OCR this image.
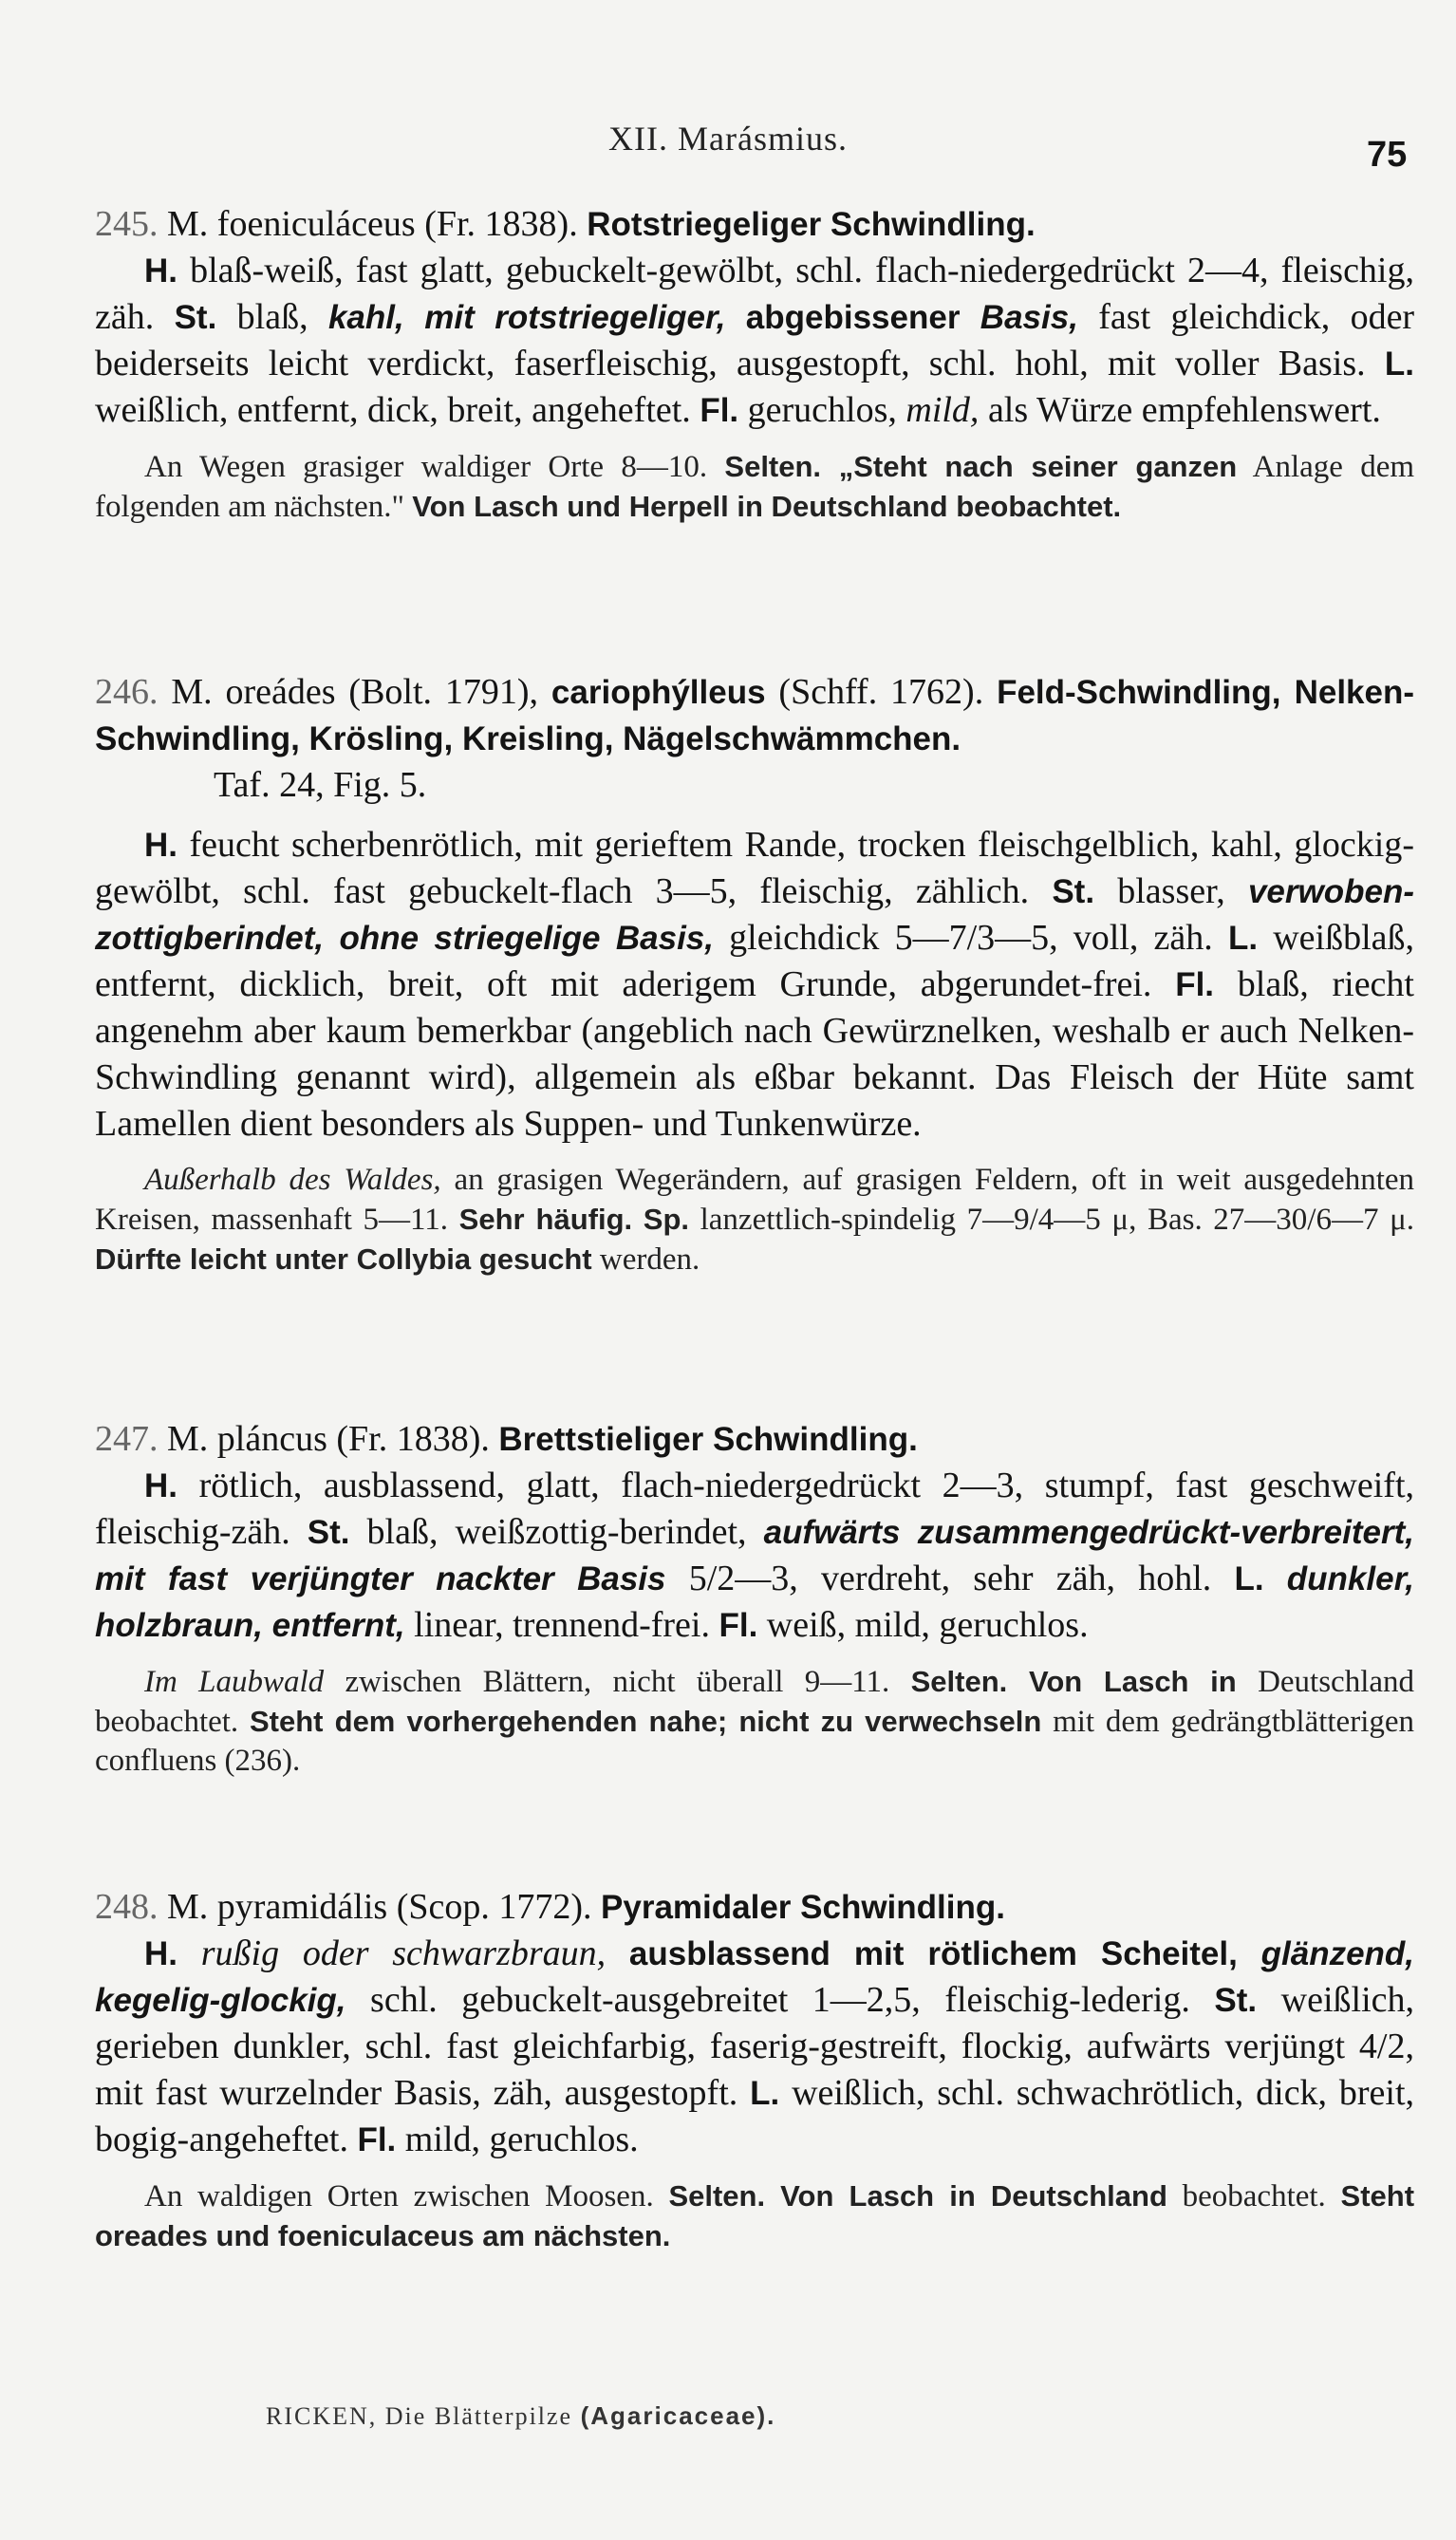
XII. Marásmius.	75

245. M. foeniculáceus (Fr. 1838). Rotstriegeliger Schwindling.

H. blaß-weiß, fast glatt, gebuckelt-gewölbt, schl. flach-niedergedrückt 2—4, fleischig, zäh. St. blaß, kahl, mit rotstriegeliger, abgebissener Basis, fast gleichdick, oder beiderseits leicht verdickt, faserfleischig, ausgestopft, schl. hohl, mit voller Basis. L. weißlich, entfernt, dick, breit, angeheftet. Fl. geruchlos, mild, als Würze empfehlenswert.

An Wegen grasiger waldiger Orte 8—10. Selten. „Steht nach seiner ganzen Anlage dem folgenden am nächsten." Von Lasch und Herpell in Deutschland beobachtet.

246. M. oreádes (Bolt. 1791), cariophýlleus (Schff. 1762). Feld-Schwindling, Nelken-Schwindling, Krösling, Kreisling, Nägelschwämmchen.

Taf. 24, Fig. 5.

H. feucht scherbenrötlich, mit gerieftem Rande, trocken fleischgelblich, kahl, glockig-gewölbt, schl. fast gebuckelt-flach 3—5, fleischig, zählich. St. blasser, verwoben-zottigberindet, ohne striegelige Basis, gleichdick 5—7/3—5, voll, zäh. L. weißblaß, entfernt, dicklich, breit, oft mit aderigem Grunde, abgerundet-frei. Fl. blaß, riecht angenehm aber kaum bemerkbar (angeblich nach Gewürznelken, weshalb er auch Nelken-Schwindling genannt wird), allgemein als eßbar bekannt. Das Fleisch der Hüte samt Lamellen dient besonders als Suppen- und Tunkenwürze.

Außerhalb des Waldes, an grasigen Wegerändern, auf grasigen Feldern, oft in weit ausgedehnten Kreisen, massenhaft 5—11. Sehr häufig. Sp. lanzettlich-spindelig 7—9/4—5 μ, Bas. 27—30/6—7 μ. Dürfte leicht unter Collybia gesucht werden.

247. M. pláncus (Fr. 1838). Brettstieliger Schwindling.

H. rötlich, ausblassend, glatt, flach-niedergedrückt 2—3, stumpf, fast geschweift, fleischig-zäh. St. blaß, weißzottig-berindet, aufwärts zusammengedrückt-verbreitert, mit fast verjüngter nackter Basis 5/2—3, verdreht, sehr zäh, hohl. L. dunkler, holzbraun, entfernt, linear, trennend-frei. Fl. weiß, mild, geruchlos.

Im Laubwald zwischen Blättern, nicht überall 9—11. Selten. Von Lasch in Deutschland beobachtet. Steht dem vorhergehenden nahe; nicht zu verwechseln mit dem gedrängtblätterigen confluens (236).

248. M. pyramidális (Scop. 1772). Pyramidaler Schwindling.

H. rußig oder schwarzbraun, ausblassend mit rötlichem Scheitel, glänzend, kegelig-glockig, schl. gebuckelt-ausgebreitet 1—2,5, fleischig-lederig. St. weißlich, gerieben dunkler, schl. fast gleichfarbig, faserig-gestreift, flockig, aufwärts verjüngt 4/2, mit fast wurzelnder Basis, zäh, ausgestopft. L. weißlich, schl. schwachrötlich, dick, breit, bogig-angeheftet. Fl. mild, geruchlos.

An waldigen Orten zwischen Moosen. Selten. Von Lasch in Deutschland beobachtet. Steht oreades und foeniculaceus am nächsten.

RICKEN, Die Blätterpilze (Agaricaceae).
